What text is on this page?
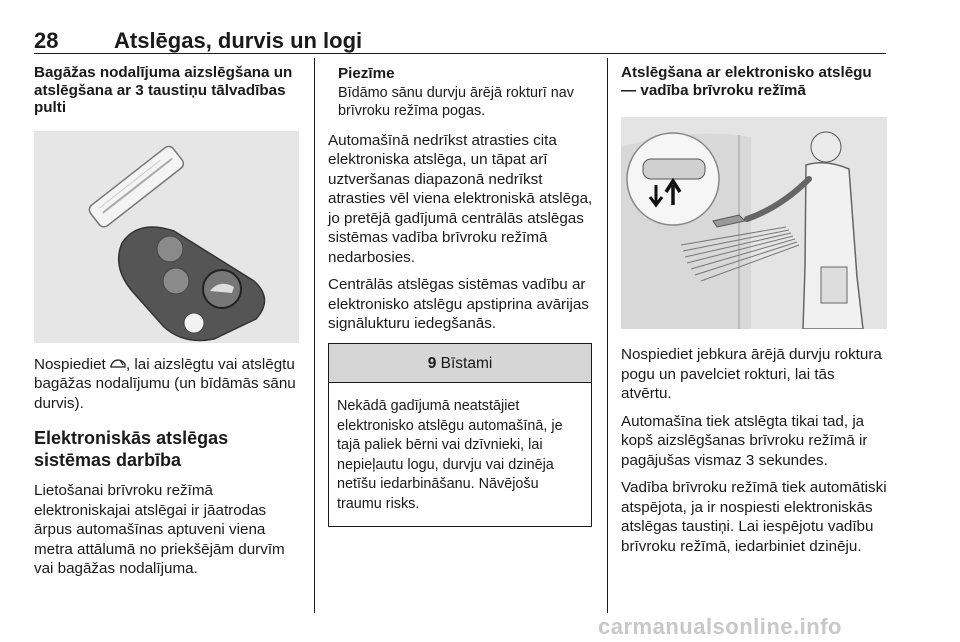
28	Atslēgas, durvis un logi
Bagāžas nodalījuma aizslēgšana un atslēgšana ar 3 taustiņu tālvadības pulti

Nospiediet , lai aizslēgtu vai atslēgtu bagāžas nodalījumu (un bīdāmās sānu durvis).

Elektroniskās atslēgas sistēmas darbība

Lietošanai brīvroku režīmā elektroniskajai atslēgai ir jāatrodas ārpus automašīnas aptuveni viena metra attālumā no priekšējām durvīm vai bagāžas nodalījuma.

Piezīme
Bīdāmo sānu durvju ārējā rokturī nav brīvroku režīma pogas.

Automašīnā nedrīkst atrasties cita elektroniska atslēga, un tāpat arī uztveršanas diapazonā nedrīkst atrasties vēl viena elektroniskā atslēga, jo pretējā gadījumā centrālās atslēgas sistēmas vadība brīvroku režīmā nedarbosies.

Centrālās atslēgas sistēmas vadību ar elektronisko atslēgu apstiprina avārijas signālukturu iedegšanās.

9 Bīstami
Nekādā gadījumā neatstājiet elektronisko atslēgu automašīnā, je tajā paliek bērni vai dzīvnieki, lai nepieļautu logu, durvju vai dzinēja netīšu iedarbināšanu. Nāvējošu traumu risks.
Atslēgšana ar elektronisko atslēgu — vadība brīvroku režīmā

Nospiediet jebkura ārējā durvju roktura pogu un pavelciet rokturi, lai tās atvērtu.

Automašīna tiek atslēgta tikai tad, ja kopš aizslēgšanas brīvroku režīmā ir pagājušas vismaz 3 sekundes.

Vadība brīvroku režīmā tiek automātiski atspējota, ja ir nospiesti elektroniskās atslēgas taustiņi. Lai iespējotu vadību brīvroku režīmā, iedarbiniet dzinēju.

carmanualsonline.info
